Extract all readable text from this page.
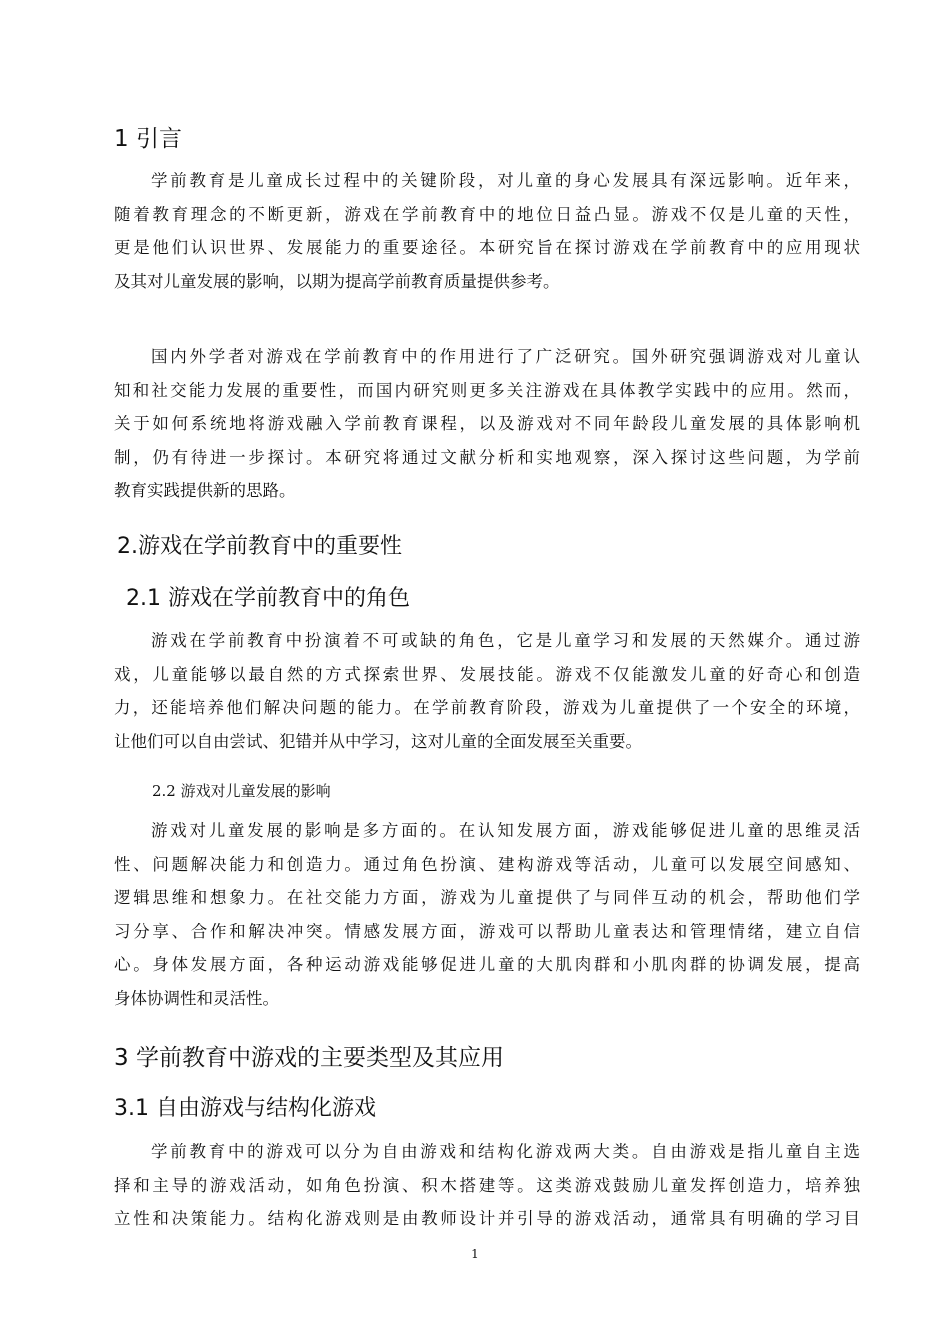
1 引言
学前教育是儿童成长过程中的关键阶段，对儿童的身心发展具有深远影响。近年来，
随着教育理念的不断更新，游戏在学前教育中的地位日益凸显。游戏不仅是儿童的天性，
更是他们认识世界、发展能力的重要途径。本研究旨在探讨游戏在学前教育中的应用现状
及其对儿童发展的影响，以期为提高学前教育质量提供参考。
国内外学者对游戏在学前教育中的作用进行了广泛研究。国外研究强调游戏对儿童认
知和社交能力发展的重要性，而国内研究则更多关注游戏在具体教学实践中的应用。然而，
关于如何系统地将游戏融入学前教育课程，以及游戏对不同年龄段儿童发展的具体影响机
制，仍有待进一步探讨。本研究将通过文献分析和实地观察，深入探讨这些问题，为学前
教育实践提供新的思路。
2.游戏在学前教育中的重要性
2.1 游戏在学前教育中的角色
游戏在学前教育中扮演着不可或缺的角色，它是儿童学习和发展的天然媒介。通过游
戏，儿童能够以最自然的方式探索世界、发展技能。游戏不仅能激发儿童的好奇心和创造
力，还能培养他们解决问题的能力。在学前教育阶段，游戏为儿童提供了一个安全的环境，
让他们可以自由尝试、犯错并从中学习，这对儿童的全面发展至关重要。
2.2 游戏对儿童发展的影响
游戏对儿童发展的影响是多方面的。在认知发展方面，游戏能够促进儿童的思维灵活
性、问题解决能力和创造力。通过角色扮演、建构游戏等活动，儿童可以发展空间感知、
逻辑思维和想象力。在社交能力方面，游戏为儿童提供了与同伴互动的机会，帮助他们学
习分享、合作和解决冲突。情感发展方面，游戏可以帮助儿童表达和管理情绪，建立自信
心。身体发展方面，各种运动游戏能够促进儿童的大肌肉群和小肌肉群的协调发展，提高
身体协调性和灵活性。
3 学前教育中游戏的主要类型及其应用
3.1 自由游戏与结构化游戏
学前教育中的游戏可以分为自由游戏和结构化游戏两大类。自由游戏是指儿童自主选
择和主导的游戏活动，如角色扮演、积木搭建等。这类游戏鼓励儿童发挥创造力，培养独
立性和决策能力。结构化游戏则是由教师设计并引导的游戏活动，通常具有明确的学习目
1
